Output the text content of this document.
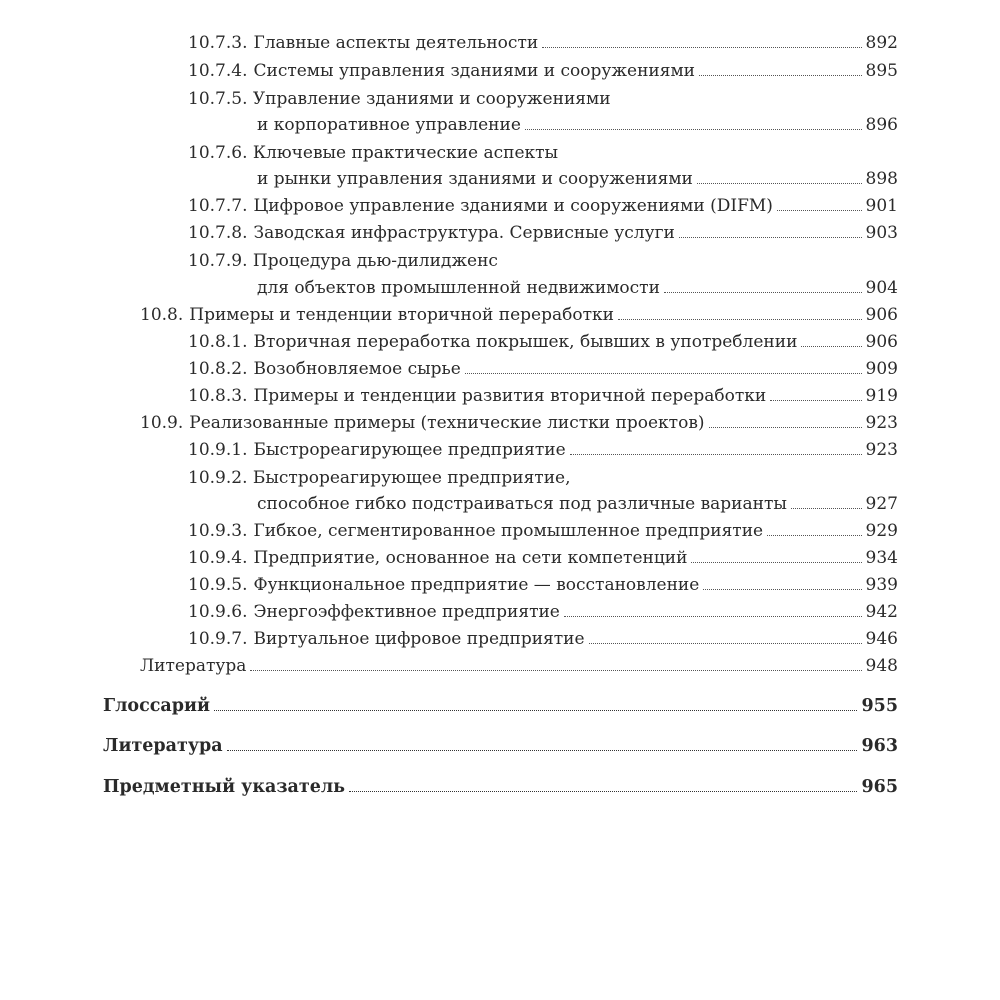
10.7.3. Главные аспекты деятельности	892
10.7.4. Системы управления зданиями и сооружениями	895
10.7.5. Управление зданиями и сооружениями
и корпоративное управление	896
10.7.6. Ключевые практические аспекты
и рынки управления зданиями и сооружениями	898
10.7.7. Цифровое управление зданиями и сооружениями (DIFM)	901
10.7.8. Заводская инфраструктура. Сервисные услуги	903
10.7.9. Процедура дью-дилидженс
для объектов промышленной недвижимости	904
10.8. Примеры и тенденции вторичной переработки	906
10.8.1. Вторичная переработка покрышек, бывших в употреблении	906
10.8.2. Возобновляемое сырье	909
10.8.3. Примеры и тенденции развития вторичной переработки	919
10.9. Реализованные примеры (технические листки проектов)	923
10.9.1. Быстрореагирующее предприятие	923
10.9.2. Быстрореагирующее предприятие,
способное гибко подстраиваться под различные варианты	927
10.9.3. Гибкое, сегментированное промышленное предприятие	929
10.9.4. Предприятие, основанное на сети компетенций	934
10.9.5. Функциональное предприятие — восстановление	939
10.9.6. Энергоэффективное предприятие	942
10.9.7. Виртуальное цифровое предприятие	946
Литература	948
Глоссарий	955
Литература	963
Предметный указатель	965
